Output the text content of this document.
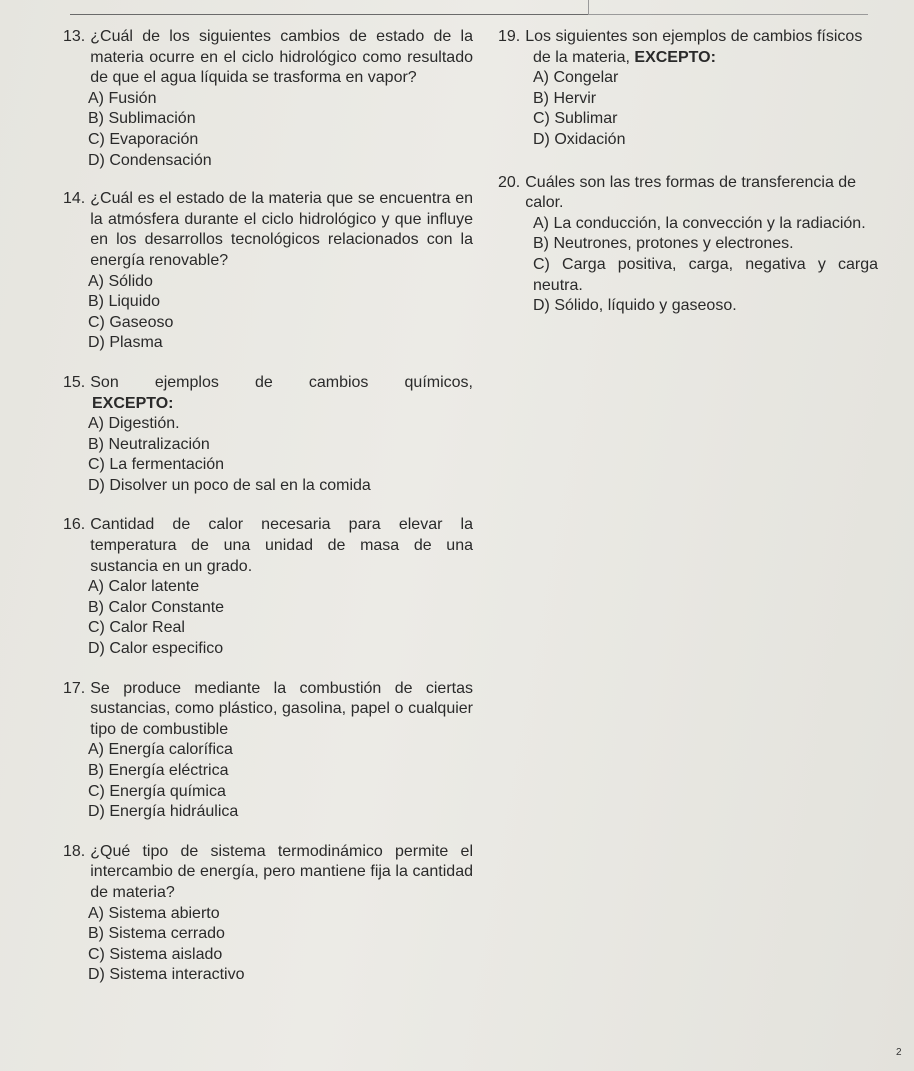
13. ¿Cuál de los siguientes cambios de estado de la materia ocurre en el ciclo hidrológico como resultado de que el agua líquida se trasforma en vapor?
A) Fusión
B) Sublimación
C) Evaporación
D) Condensación
14. ¿Cuál es el estado de la materia que se encuentra en la atmósfera durante el ciclo hidrológico y que influye en los desarrollos tecnológicos relacionados con la energía renovable?
A) Sólido
B) Liquido
C) Gaseoso
D) Plasma
15. Son ejemplos de cambios químicos,
EXCEPTO:
A) Digestión.
B) Neutralización
C) La fermentación
D) Disolver un poco de sal en la comida
16. Cantidad de calor necesaria para elevar la temperatura de una unidad de masa de una sustancia en un grado.
A) Calor latente
B) Calor Constante
C) Calor Real
D) Calor especifico
17. Se produce mediante la combustión de ciertas sustancias, como plástico, gasolina, papel o cualquier tipo de combustible
A) Energía calorífica
B) Energía eléctrica
C) Energía química
D) Energía hidráulica
18. ¿Qué tipo de sistema termodinámico permite el intercambio de energía, pero mantiene fija la cantidad de materia?
A) Sistema abierto
B) Sistema cerrado
C) Sistema aislado
D) Sistema interactivo
19. Los siguientes son ejemplos de cambios físicos
de la materia, EXCEPTO:
A) Congelar
B) Hervir
C) Sublimar
D) Oxidación
20. Cuáles son las tres formas de transferencia de calor.
A) La conducción, la convección y la radiación.
B) Neutrones, protones y electrones.
C) Carga positiva, carga, negativa y carga neutra.
D) Sólido, líquido y gaseoso.
2
